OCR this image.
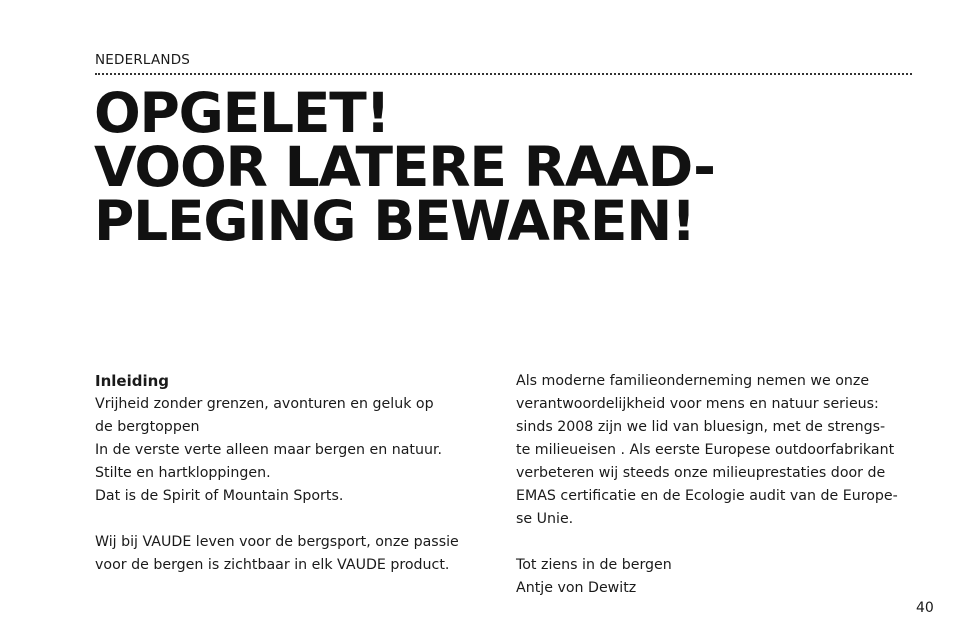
NEDERLANDS
OPGELET!
VOOR LATERE RAAD-
PLEGING BEWAREN!
Inleiding
Vrijheid zonder grenzen, avonturen en geluk op
de bergtoppen
In de verste verte alleen maar bergen en natuur.
Stilte en hartkloppingen.
Dat is de Spirit of Mountain Sports.
Wij bij VAUDE leven voor de bergsport, onze passie
voor de bergen is zichtbaar in elk VAUDE product.
Als moderne familieonderneming nemen we onze
verantwoordelijkheid voor mens en natuur serieus:
sinds 2008 zijn we lid van bluesign, met de strengs-
te milieueisen . Als eerste Europese outdoorfabrikant
verbeteren wij steeds onze milieuprestaties door de
EMAS certificatie en de Ecologie audit van de Europe-
se Unie.
Tot ziens in de bergen
Antje von Dewitz
40
